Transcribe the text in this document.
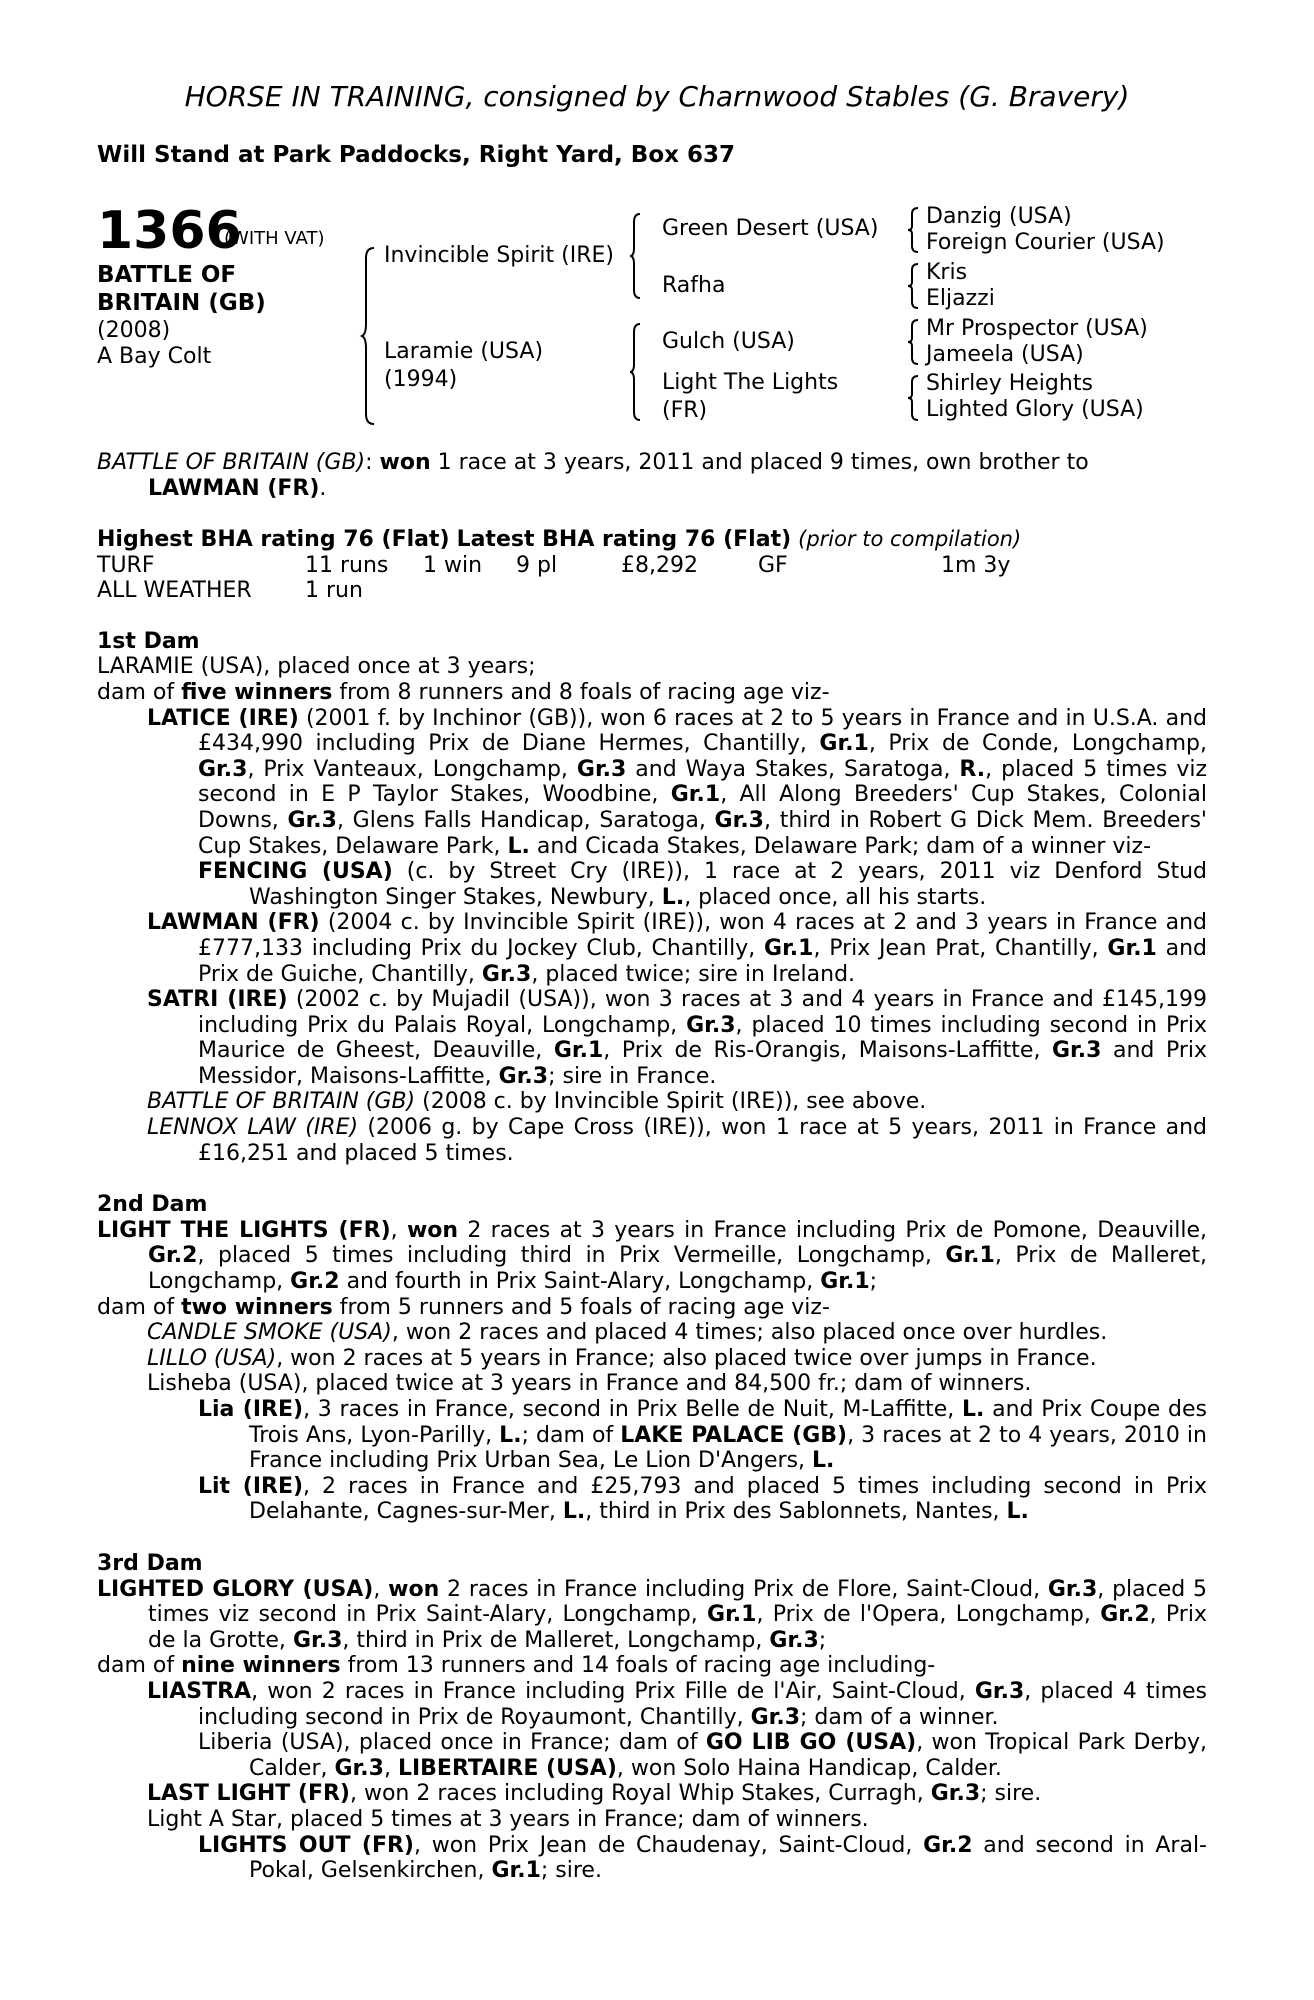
HORSE IN TRAINING, consigned by Charnwood Stables (G. Bravery)
Will Stand at Park Paddocks, Right Yard, Box 637
1366
(WITH VAT)
BATTLE OF
BRITAIN (GB)
(2008)
A Bay Colt
Invincible Spirit (IRE)
Laramie (USA)
(1994)
Green Desert (USA)
Rafha
Gulch (USA)
Light The Lights
(FR)
Danzig (USA)
Foreign Courier (USA)
Kris
Eljazzi
Mr Prospector (USA)
Jameela (USA)
Shirley Heights
Lighted Glory (USA)

BATTLE OF BRITAIN (GB): won 1 race at 3 years, 2011 and placed 9 times, own brother to LAWMAN (FR).

Highest BHA rating 76 (Flat) Latest BHA rating 76 (Flat) (prior to compilation)

TURF	11 runs	1 win	9 pl	£8,292	GF	1m 3y
ALL WEATHER	1 run

1st Dam

LARAMIE (USA), placed once at 3 years;

dam of five winners from 8 runners and 8 foals of racing age viz-

LATICE (IRE) (2001 f. by Inchinor (GB)), won 6 races at 2 to 5 years in France and in U.S.A. and £434,990 including Prix de Diane Hermes, Chantilly, Gr.1, Prix de Conde, Longchamp, Gr.3, Prix Vanteaux, Longchamp, Gr.3 and Waya Stakes, Saratoga, R., placed 5 times viz second in E P Taylor Stakes, Woodbine, Gr.1, All Along Breeders' Cup Stakes, Colonial Downs, Gr.3, Glens Falls Handicap, Saratoga, Gr.3, third in Robert G Dick Mem. Breeders' Cup Stakes, Delaware Park, L. and Cicada Stakes, Delaware Park; dam of a winner viz-

FENCING (USA) (c. by Street Cry (IRE)), 1 race at 2 years, 2011 viz Denford Stud Washington Singer Stakes, Newbury, L., placed once, all his starts.

LAWMAN (FR) (2004 c. by Invincible Spirit (IRE)), won 4 races at 2 and 3 years in France and £777,133 including Prix du Jockey Club, Chantilly, Gr.1, Prix Jean Prat, Chantilly, Gr.1 and Prix de Guiche, Chantilly, Gr.3, placed twice; sire in Ireland.

SATRI (IRE) (2002 c. by Mujadil (USA)), won 3 races at 3 and 4 years in France and £145,199 including Prix du Palais Royal, Longchamp, Gr.3, placed 10 times including second in Prix Maurice de Gheest, Deauville, Gr.1, Prix de Ris-Orangis, Maisons-Laffitte, Gr.3 and Prix Messidor, Maisons-Laffitte, Gr.3; sire in France.

BATTLE OF BRITAIN (GB) (2008 c. by Invincible Spirit (IRE)), see above.

LENNOX LAW (IRE) (2006 g. by Cape Cross (IRE)), won 1 race at 5 years, 2011 in France and £16,251 and placed 5 times.

2nd Dam

LIGHT THE LIGHTS (FR), won 2 races at 3 years in France including Prix de Pomone, Deauville, Gr.2, placed 5 times including third in Prix Vermeille, Longchamp, Gr.1, Prix de Malleret, Longchamp, Gr.2 and fourth in Prix Saint-Alary, Longchamp, Gr.1;

dam of two winners from 5 runners and 5 foals of racing age viz-

CANDLE SMOKE (USA), won 2 races and placed 4 times; also placed once over hurdles.

LILLO (USA), won 2 races at 5 years in France; also placed twice over jumps in France.

Lisheba (USA), placed twice at 3 years in France and 84,500 fr.; dam of winners.

Lia (IRE), 3 races in France, second in Prix Belle de Nuit, M-Laffitte, L. and Prix Coupe des Trois Ans, Lyon-Parilly, L.; dam of LAKE PALACE (GB), 3 races at 2 to 4 years, 2010 in France including Prix Urban Sea, Le Lion D'Angers, L.

Lit (IRE), 2 races in France and £25,793 and placed 5 times including second in Prix Delahante, Cagnes-sur-Mer, L., third in Prix des Sablonnets, Nantes, L.

3rd Dam

LIGHTED GLORY (USA), won 2 races in France including Prix de Flore, Saint-Cloud, Gr.3, placed 5 times viz second in Prix Saint-Alary, Longchamp, Gr.1, Prix de l'Opera, Longchamp, Gr.2, Prix de la Grotte, Gr.3, third in Prix de Malleret, Longchamp, Gr.3;

dam of nine winners from 13 runners and 14 foals of racing age including-

LIASTRA, won 2 races in France including Prix Fille de l'Air, Saint-Cloud, Gr.3, placed 4 times including second in Prix de Royaumont, Chantilly, Gr.3; dam of a winner.

Liberia (USA), placed once in France; dam of GO LIB GO (USA), won Tropical Park Derby, Calder, Gr.3, LIBERTAIRE (USA), won Solo Haina Handicap, Calder.

LAST LIGHT (FR), won 2 races including Royal Whip Stakes, Curragh, Gr.3; sire.

Light A Star, placed 5 times at 3 years in France; dam of winners.

LIGHTS OUT (FR), won Prix Jean de Chaudenay, Saint-Cloud, Gr.2 and second in Aral-Pokal, Gelsenkirchen, Gr.1; sire.
